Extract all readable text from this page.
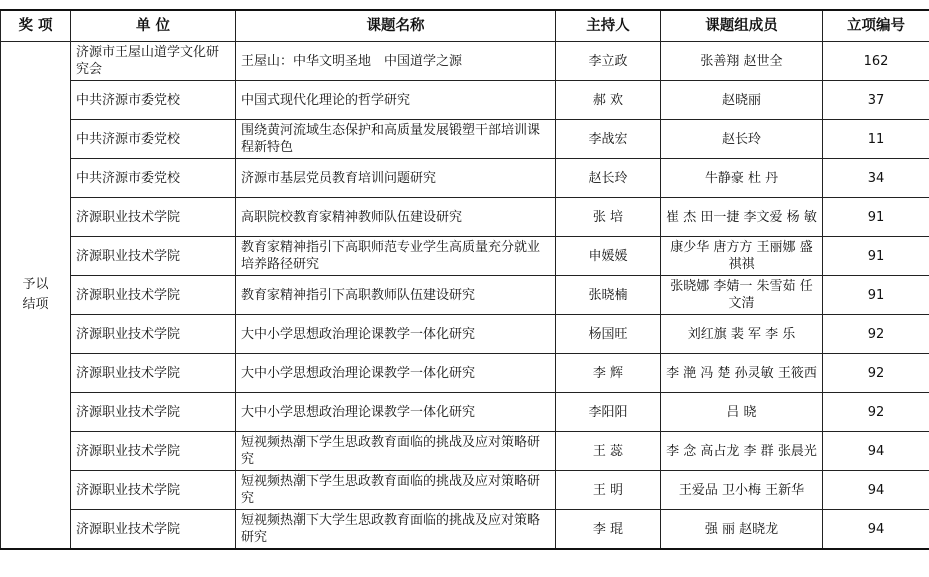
奖 项	单 位	课题名称	主持人	课题组成员	立项编号
予以结项	济源市王屋山道学文化研究会	王屋山：中华文明圣地　中国道学之源	李立政	张善翔 赵世全	162
	中共济源市委党校	中国式现代化理论的哲学研究	郝 欢	赵晓丽	37
	中共济源市委党校	围绕黄河流域生态保护和高质量发展锻塑干部培训课程新特色	李战宏	赵长玲	11
	中共济源市委党校	济源市基层党员教育培训问题研究	赵长玲	牛静豪 杜 丹	34
	济源职业技术学院	高职院校教育家精神教师队伍建设研究	张 培	崔 杰 田一捷 李文爱 杨 敏	91
	济源职业技术学院	教育家精神指引下高职师范专业学生高质量充分就业培养路径研究	申媛媛	康少华 唐方方 王丽娜 盛祺祺	91
	济源职业技术学院	教育家精神指引下高职教师队伍建设研究	张晓楠	张晓娜 李婧一 朱雪茹 任文清	91
	济源职业技术学院	大中小学思想政治理论课教学一体化研究	杨国旺	刘红旗 裴 军 李 乐	92
	济源职业技术学院	大中小学思想政治理论课教学一体化研究	李 辉	李 滟 冯 楚 孙灵敏 王筱西	92
	济源职业技术学院	大中小学思想政治理论课教学一体化研究	李阳阳	吕 晓	92
	济源职业技术学院	短视频热潮下学生思政教育面临的挑战及应对策略研究	王 蕊	李 念 高占龙 李 群 张晨光	94
	济源职业技术学院	短视频热潮下学生思政教育面临的挑战及应对策略研究	王 明	王爱品 卫小梅 王新华	94
	济源职业技术学院	短视频热潮下大学生思政教育面临的挑战及应对策略研究	李 琨	强 丽 赵晓龙	94
